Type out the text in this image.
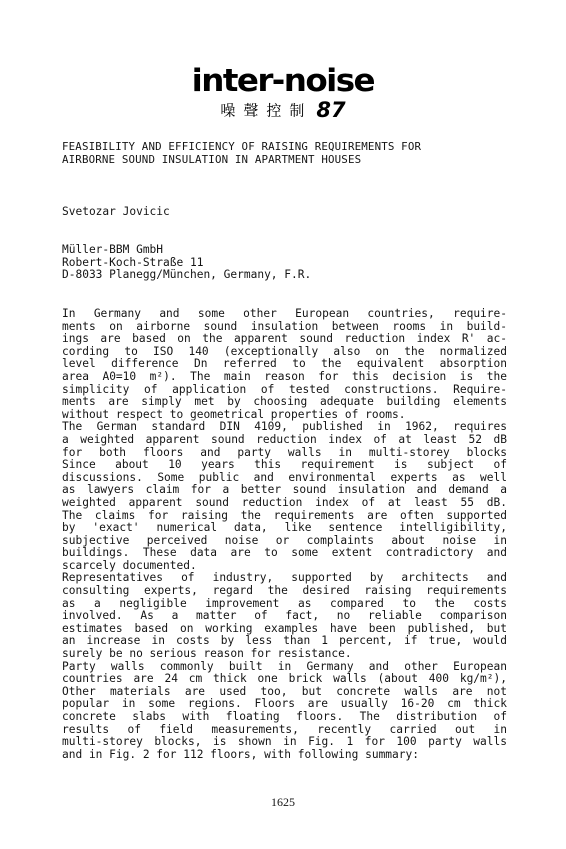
inter-noise
噪聲控制 87
FEASIBILITY AND EFFICIENCY OF RAISING REQUIREMENTS FOR
AIRBORNE SOUND INSULATION IN APARTMENT HOUSES
Svetozar Jovicic
Müller-BBM GmbH
Robert-Koch-Straße 11
D-8033 Planegg/München, Germany, F.R.
In Germany and some other European countries, require-
ments on airborne sound insulation between rooms in build-
ings are based on the apparent sound reduction index R' ac-
cording to ISO 140 (exceptionally also on the normalized
level difference Dn referred to the equivalent absorption
area A0=10 m²). The main reason for this decision is the
simplicity of application of tested constructions. Require-
ments are simply met by choosing adequate building elements
without respect to geometrical properties of rooms.
The German standard DIN 4109, published in 1962, requires
a weighted apparent sound reduction index of at least 52 dB
for both floors and party walls in multi-storey blocks
Since about 10 years this requirement is subject of
discussions. Some public and environmental experts as well
as lawyers claim for a better sound insulation and demand a
weighted apparent sound reduction index of at least 55 dB.
The claims for raising the requirements are often supported
by 'exact' numerical data, like sentence intelligibility,
subjective perceived noise or complaints about noise in
buildings. These data are to some extent contradictory and
scarcely documented.
Representatives of industry, supported by architects and
consulting experts, regard the desired raising requirements
as a negligible improvement as compared to the costs
involved. As a matter of fact, no reliable comparison
estimates based on working examples have been published, but
an increase in costs by less than 1 percent, if true, would
surely be no serious reason for resistance.
Party walls commonly built in Germany and other European
countries are 24 cm thick one brick walls (about 400 kg/m²),
Other materials are used too, but concrete walls are not
popular in some regions. Floors are usually 16-20 cm thick
concrete slabs with floating floors. The distribution of
results of field measurements, recently carried out in
multi-storey blocks, is shown in Fig. 1 for 100 party walls
and in Fig. 2 for 112 floors, with following summary:
1625
